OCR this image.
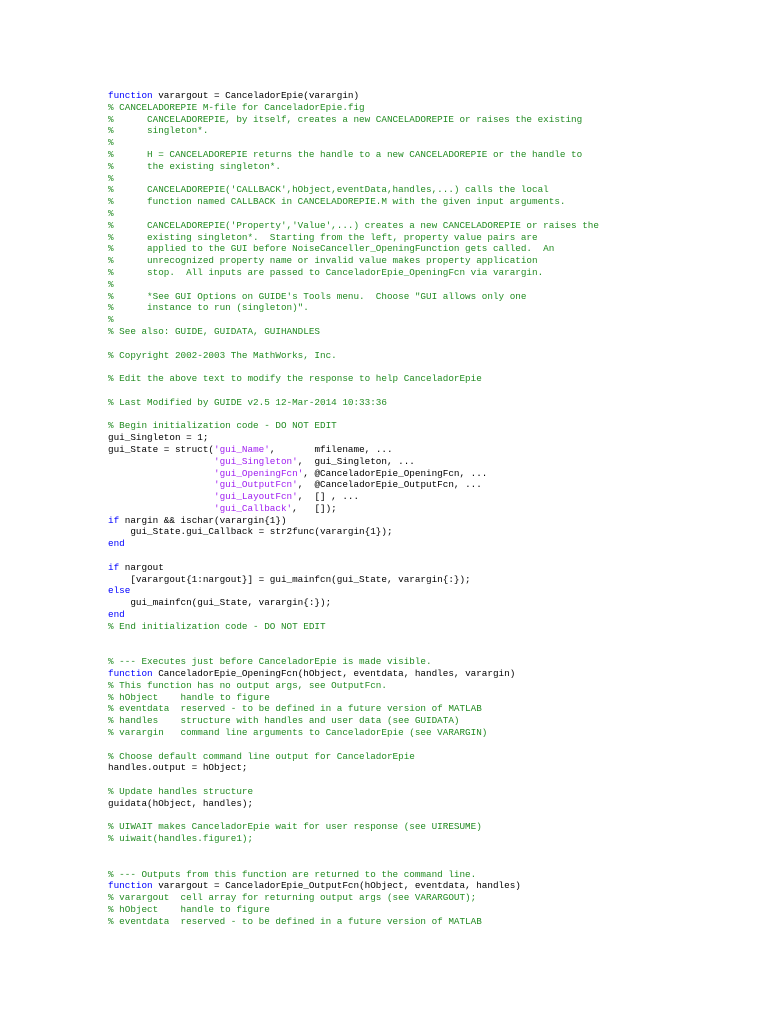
function varargout = CanceladorEpie(varargin)
% CANCELADOREPIE M-file for CanceladorEpie.fig
%      CANCELADOREPIE, by itself, creates a new CANCELADOREPIE or raises the existing
%      singleton*.
%
%      H = CANCELADOREPIE returns the handle to a new CANCELADOREPIE or the handle to
%      the existing singleton*.
%
%      CANCELADOREPIE('CALLBACK',hObject,eventData,handles,...) calls the local
%      function named CALLBACK in CANCELADOREPIE.M with the given input arguments.
%
%      CANCELADOREPIE('Property','Value',...) creates a new CANCELADOREPIE or raises the
%      existing singleton*.  Starting from the left, property value pairs are
%      applied to the GUI before NoiseCanceller_OpeningFunction gets called.  An
%      unrecognized property name or invalid value makes property application
%      stop.  All inputs are passed to CanceladorEpie_OpeningFcn via varargin.
%
%      *See GUI Options on GUIDE's Tools menu.  Choose "GUI allows only one
%      instance to run (singleton)".
%
% See also: GUIDE, GUIDATA, GUIHANDLES
% Copyright 2002-2003 The MathWorks, Inc.
% Edit the above text to modify the response to help CanceladorEpie
% Last Modified by GUIDE v2.5 12-Mar-2014 10:33:36
% Begin initialization code - DO NOT EDIT
gui_Singleton = 1;
gui_State = struct('gui_Name',       mfilename, ...
'gui_Singleton',  gui_Singleton, ...
'gui_OpeningFcn', @CanceladorEpie_OpeningFcn, ...
'gui_OutputFcn',  @CanceladorEpie_OutputFcn, ...
'gui_LayoutFcn',  [] , ...
'gui_Callback',   []);
if nargin && ischar(varargin{1})
gui_State.gui_Callback = str2func(varargin{1});
end
if nargout
[varargout{1:nargout}] = gui_mainfcn(gui_State, varargin{:});
else
gui_mainfcn(gui_State, varargin{:});
end
% End initialization code - DO NOT EDIT
% --- Executes just before CanceladorEpie is made visible.
function CanceladorEpie_OpeningFcn(hObject, eventdata, handles, varargin)
% This function has no output args, see OutputFcn.
% hObject    handle to figure
% eventdata  reserved - to be defined in a future version of MATLAB
% handles    structure with handles and user data (see GUIDATA)
% varargin   command line arguments to CanceladorEpie (see VARARGIN)
% Choose default command line output for CanceladorEpie
handles.output = hObject;
% Update handles structure
guidata(hObject, handles);
% UIWAIT makes CanceladorEpie wait for user response (see UIRESUME)
% uiwait(handles.figure1);
% --- Outputs from this function are returned to the command line.
function varargout = CanceladorEpie_OutputFcn(hObject, eventdata, handles)
% varargout  cell array for returning output args (see VARARGOUT);
% hObject    handle to figure
% eventdata  reserved - to be defined in a future version of MATLAB
